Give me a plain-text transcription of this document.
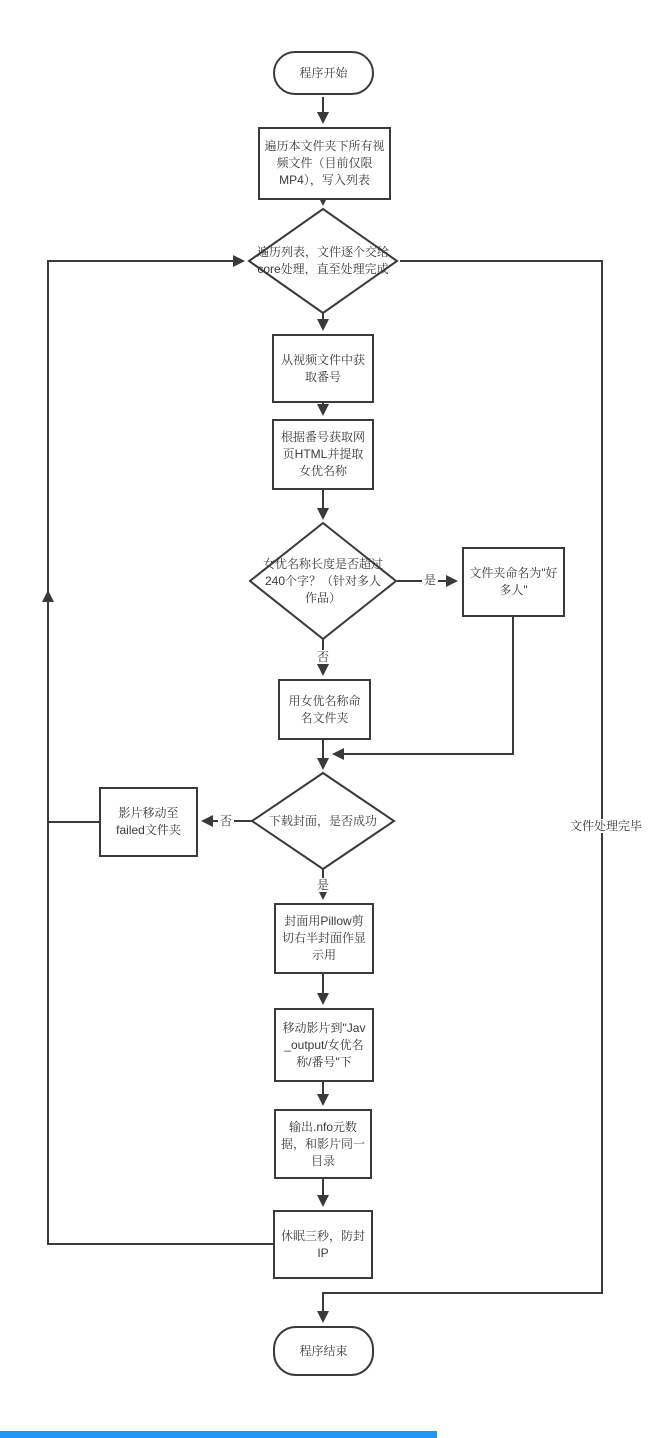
程序开始
遍历本文件夹下所有视频文件（目前仅限MP4），写入列表
遍历列表，文件逐个交给core处理，直至处理完成
从视频文件中获取番号
根据番号获取网页HTML并提取女优名称
女优名称长度是否超过240个字？（针对多人作品）
文件夹命名为"好多人"
用女优名称命名文件夹
下载封面，是否成功
影片移动至failed文件夹
封面用Pillow剪切右半封面作显示用
移动影片到"Jav_output/女优名称/番号"下
输出.nfo元数据，和影片同一目录
休眠三秒，防封IP
程序结束
是
否
否
是
文件处理完毕
